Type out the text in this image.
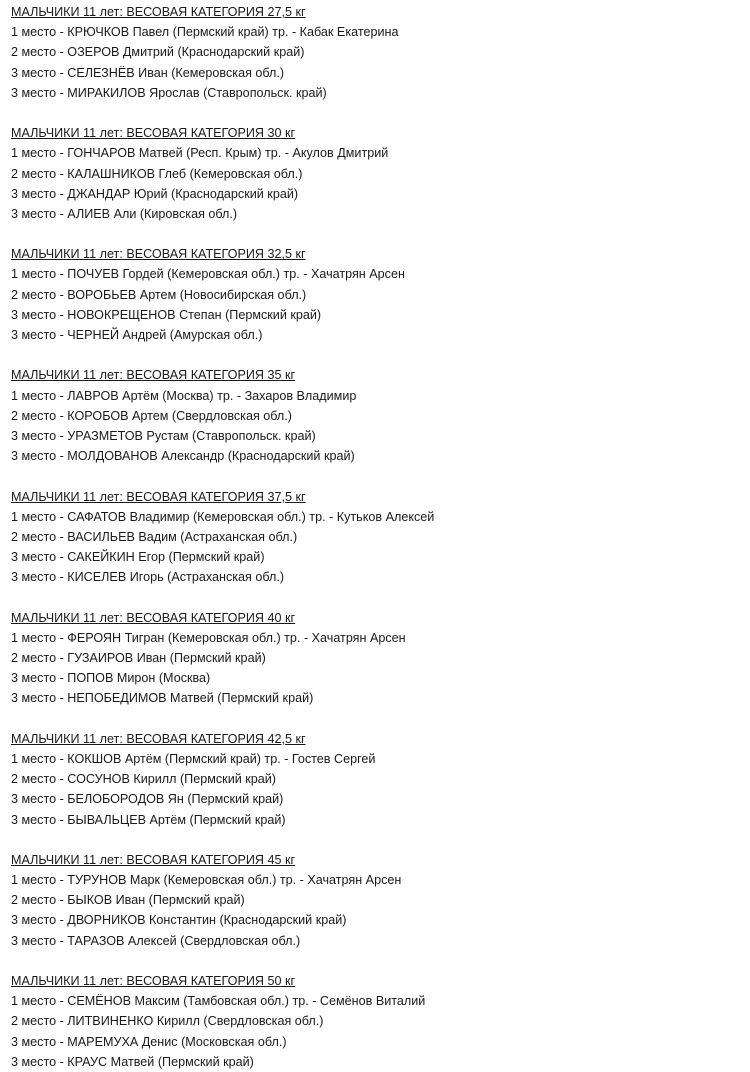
МАЛЬЧИКИ 11 лет: ВЕСОВАЯ КАТЕГОРИЯ 27,5 кг
1 место - КРЮЧКОВ Павел (Пермский край) тр. - Кабак Екатерина
2 место - ОЗЕРОВ Дмитрий (Краснодарский край)
3 место - СЕЛЕЗНЁВ Иван (Кемеровская обл.)
3 место - МИРАКИЛОВ Ярослав (Ставропольск. край)
МАЛЬЧИКИ 11 лет: ВЕСОВАЯ КАТЕГОРИЯ 30 кг
1 место - ГОНЧАРОВ Матвей (Респ. Крым) тр. - Акулов Дмитрий
2 место - КАЛАШНИКОВ Глеб (Кемеровская обл.)
3 место - ДЖАНДАР Юрий (Краснодарский край)
3 место - АЛИЕВ Али (Кировская обл.)
МАЛЬЧИКИ 11 лет: ВЕСОВАЯ КАТЕГОРИЯ 32,5 кг
1 место - ПОЧУЕВ Гордей (Кемеровская обл.) тр. - Хачатрян Арсен
2 место - ВОРОБЬЕВ Артем (Новосибирская обл.)
3 место - НОВОКРЕЩЕНОВ Степан (Пермский край)
3 место - ЧЕРНЕЙ Андрей (Амурская обл.)
МАЛЬЧИКИ 11 лет: ВЕСОВАЯ КАТЕГОРИЯ 35 кг
1 место - ЛАВРОВ Артём (Москва) тр. - Захаров Владимир
2 место - КОРОБОВ Артем (Свердловская обл.)
3 место - УРАЗМЕТОВ Рустам (Ставропольск. край)
3 место - МОЛДОВАНОВ Александр (Краснодарский край)
МАЛЬЧИКИ 11 лет: ВЕСОВАЯ КАТЕГОРИЯ 37,5 кг
1 место - САФАТОВ Владимир (Кемеровская обл.) тр. - Кутьков Алексей
2 место - ВАСИЛЬЕВ Вадим (Астраханская обл.)
3 место - САКЕЙКИН Егор (Пермский край)
3 место - КИСЕЛЕВ Игорь (Астраханская обл.)
МАЛЬЧИКИ 11 лет: ВЕСОВАЯ КАТЕГОРИЯ 40 кг
1 место - ФЕРОЯН Тигран (Кемеровская обл.) тр. - Хачатрян Арсен
2 место - ГУЗАИРОВ Иван (Пермский край)
3 место - ПОПОВ Мирон (Москва)
3 место - НЕПОБЕДИМОВ Матвей (Пермский край)
МАЛЬЧИКИ 11 лет: ВЕСОВАЯ КАТЕГОРИЯ 42,5 кг
1 место - КОКШОВ Артём (Пермский край) тр. - Гостев Сергей
2 место - СОСУНОВ Кирилл (Пермский край)
3 место - БЕЛОБОРОДОВ Ян (Пермский край)
3 место - БЫВАЛЬЦЕВ Артём (Пермский край)
МАЛЬЧИКИ 11 лет: ВЕСОВАЯ КАТЕГОРИЯ 45 кг
1 место - ТУРУНОВ Марк (Кемеровская обл.) тр. - Хачатрян Арсен
2 место - БЫКОВ Иван (Пермский край)
3 место - ДВОРНИКОВ Константин (Краснодарский край)
3 место - ТАРАЗОВ Алексей (Свердловская обл.)
МАЛЬЧИКИ 11 лет: ВЕСОВАЯ КАТЕГОРИЯ 50 кг
1 место - СЕМЁНОВ Максим (Тамбовская обл.) тр. - Семёнов Виталий
2 место - ЛИТВИНЕНКО Кирилл (Свердловская обл.)
3 место - МАРЕМУХА Денис (Московская обл.)
3 место - КРАУС Матвей (Пермский край)
